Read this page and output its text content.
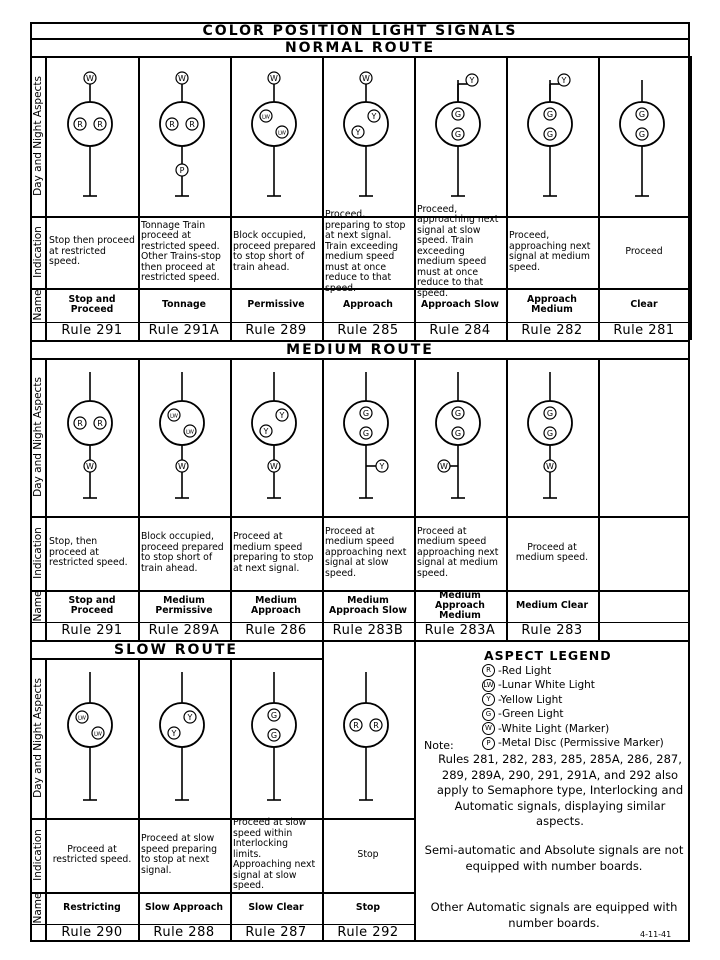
COLOR POSITION LIGHT SIGNALS
NORMAL ROUTE
MEDIUM ROUTE
SLOW ROUTE
Day and Night Aspects
Indication
Name
Day and Night Aspects
Indication
Name
Day and Night Aspects
Indication
Name
W
R R
W
R R
P
W
LW
LW
W
Y
Y
Y
G
G
Y
G
G
G
G
R R
W
LW
LW
W
Y
Y
W
G
G
Y
G
G
W
G
G
W
LW
LW	Y
Y	G
G
R R
Stop then proceed at restricted speed.
Stop and Proceed
Rule 291
Tonnage Train proceed at restricted speed. Other Trains-stop then proceed at restricted speed.
Tonnage
Rule 291A
Block occupied, proceed prepared to stop short of train ahead.
Permissive
Rule 289
Proceed, preparing to stop at next signal. Train exceeding medium speed must at once reduce to that speed.
Approach
Rule 285
Proceed, approaching next signal at slow speed. Train exceeding medium speed must at once reduce to that speed.
Approach Slow
Rule 284
Proceed, approaching next signal at medium speed.
Approach Medium
Rule 282
Proceed
Clear
Rule 281
Stop, then proceed at restricted speed.
Stop and Proceed
Rule 291
Block occupied, proceed prepared to stop short of train ahead.
Medium Permissive
Rule 289A
Proceed at medium speed preparing to stop at next signal.
Medium Approach
Rule 286
Proceed at medium speed approaching next signal at slow speed.
Medium Approach Slow
Rule 283B
Proceed at medium speed approaching next signal at medium speed.
Medium Approach Medium
Rule 283A
Proceed at medium speed.
Medium Clear
Rule 283
Proceed at restricted speed.
Restricting
Rule 290
Proceed at slow speed preparing to stop at next signal.
Slow Approach
Rule 288
Proceed at slow speed within Interlocking limits. Approaching next signal at slow speed.
Slow Clear
Rule 287
Stop
Stop
Rule 292
ASPECT LEGEND
R -Red Light
LW -Lunar White Light
Y -Yellow Light
G -Green Light
W -White Light (Marker)
P -Metal Disc (Permissive Marker)
Note:
Rules 281, 282, 283, 285, 285A, 286, 287, 289, 289A, 290, 291, 291A, and 292 also apply to Semaphore type, Interlocking and Automatic signals, displaying similar aspects.
Semi-automatic and Absolute signals are not equipped with number boards.
Other Automatic signals are equipped with number boards.
4-11-41
